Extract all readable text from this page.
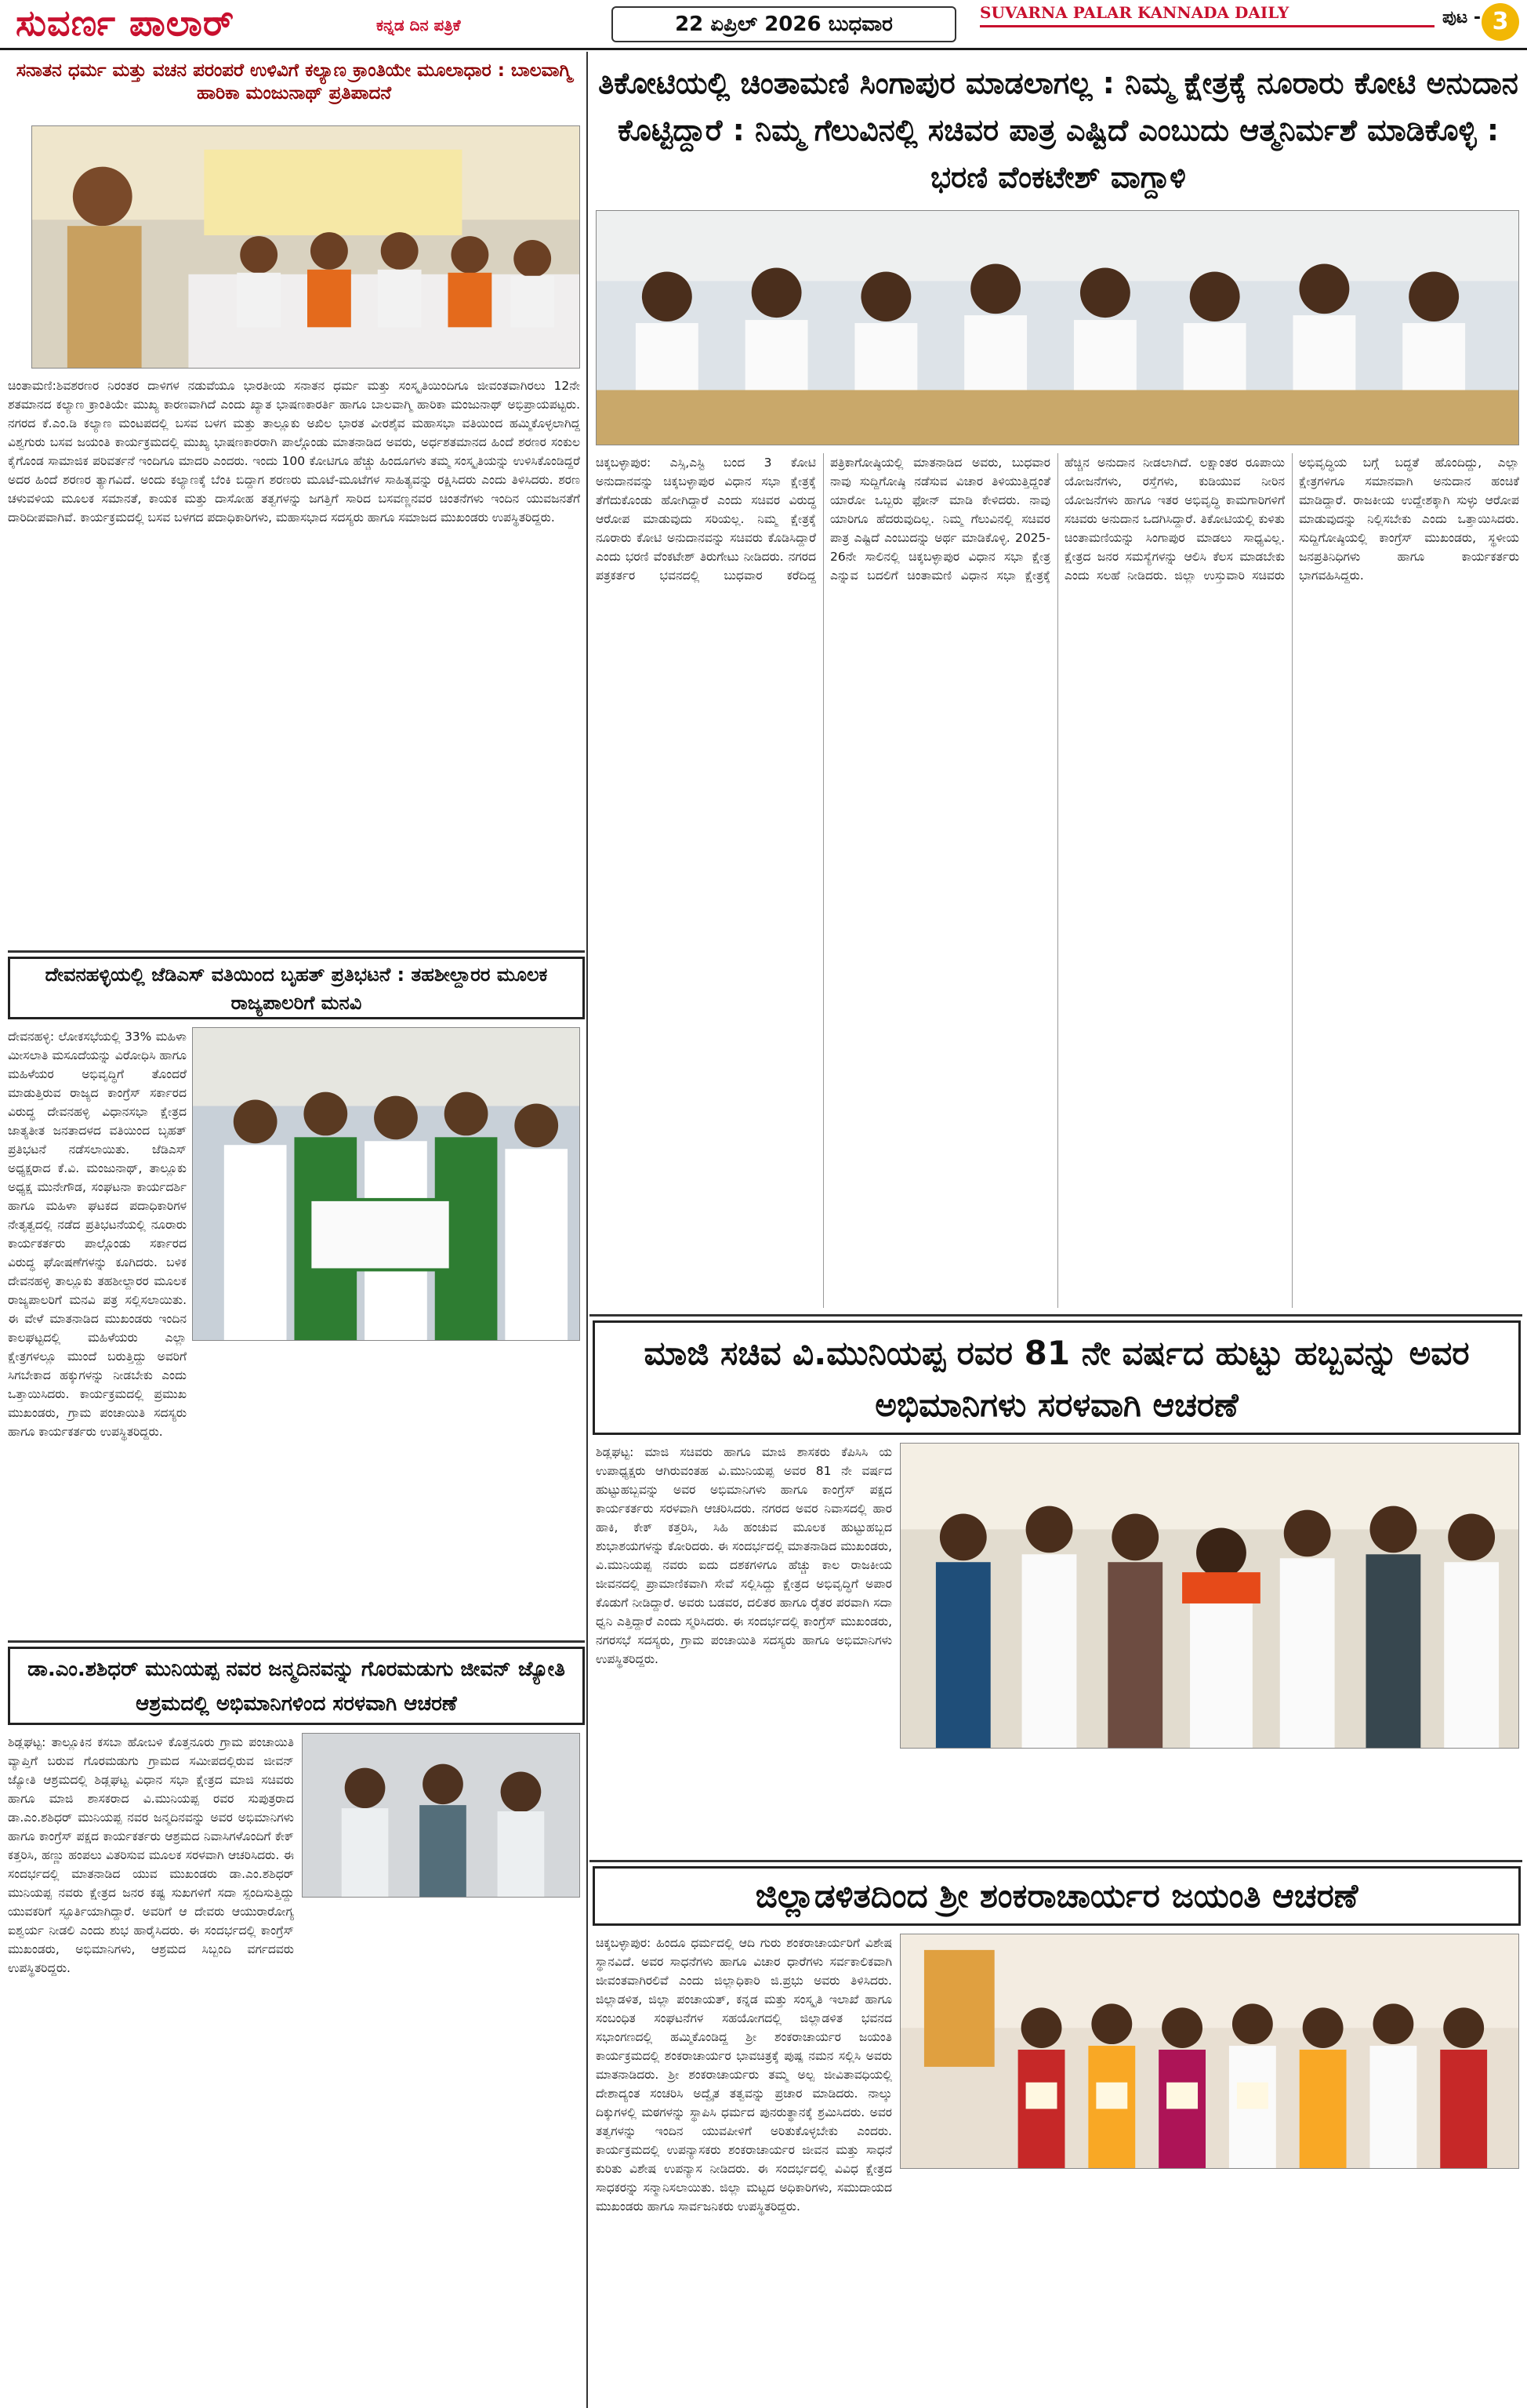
ಸುವರ್ಣ ಪಾಲಾರ್	ಕನ್ನಡ ದಿನ ಪತ್ರಿಕೆ	22 ಏಪ್ರಿಲ್ 2026 ಬುಧವಾರ	SUVARNA PALAR KANNADA DAILY	ಪುಟ - 3
ಸನಾತನ ಧರ್ಮ ಮತ್ತು ವಚನ ಪರಂಪರೆ ಉಳಿವಿಗೆ ಕಲ್ಯಾಣ ಕ್ರಾಂತಿಯೇ ಮೂಲಾಧಾರ : ಬಾಲವಾಗ್ಮಿ ಹಾರಿಕಾ ಮಂಜುನಾಥ್ ಪ್ರತಿಪಾದನೆ
ಚಿಂತಾಮಣಿ:ಶಿವಶರಣರ ನಿರಂತರ ದಾಳಿಗಳ ನಡುವೆಯೂ ಭಾರತೀಯ ಸನಾತನ ಧರ್ಮ ಮತ್ತು ಸಂಸ್ಕೃತಿಯಿಂದಿಗೂ ಜೀವಂತವಾಗಿರಲು 12ನೇ ಶತಮಾನದ ಕಲ್ಯಾಣ ಕ್ರಾಂತಿಯೇ ಮುಖ್ಯ ಕಾರಣವಾಗಿದೆ ಎಂದು ಖ್ಯಾತ ಭಾಷಣಕಾರರ್ತಿ ಹಾಗೂ ಬಾಲವಾಗ್ಮಿ ಹಾರಿಕಾ ಮಂಜುನಾಥ್ ಅಭಿಪ್ರಾಯಪಟ್ಟರು. ನಗರದ ಕೆ.ಎಂ.ಡಿ ಕಲ್ಯಾಣ ಮಂಟಪದಲ್ಲಿ ಬಸವ ಬಳಗ ಮತ್ತು ತಾಲ್ಲೂಕು ಅಖಿಲ ಭಾರತ ವೀರಶೈವ ಮಹಾಸಭಾ ವತಿಯಿಂದ ಹಮ್ಮಿಕೊಳ್ಳಲಾಗಿದ್ದ ವಿಶ್ವಗುರು ಬಸವ ಜಯಂತಿ ಕಾರ್ಯಕ್ರಮದಲ್ಲಿ ಮುಖ್ಯ ಭಾಷಣಕಾರರಾಗಿ ಪಾಲ್ಗೊಂಡು ಮಾತನಾಡಿದ ಅವರು, ಅರ್ಧಶತಮಾನದ ಹಿಂದೆ ಶರಣರ ಸಂಕುಲ ಕೈಗೊಂಡ ಸಾಮಾಜಿಕ ಪರಿವರ್ತನೆ ಇಂದಿಗೂ ಮಾದರಿ ಎಂದರು. ಇಂದು 100 ಕೋಟಿಗೂ ಹೆಚ್ಚು ಹಿಂದೂಗಳು ತಮ್ಮ ಸಂಸ್ಕೃತಿಯನ್ನು ಉಳಿಸಿಕೊಂಡಿದ್ದರೆ ಅದರ ಹಿಂದೆ ಶರಣರ ತ್ಯಾಗವಿದೆ. ಅಂದು ಕಲ್ಯಾಣಕ್ಕೆ ಬೆಂಕಿ ಬಿದ್ದಾಗ ಶರಣರು ಮೂಟೆ-ಮೂಟೆಗಳ ಸಾಹಿತ್ಯವನ್ನು ರಕ್ಷಿಸಿದರು ಎಂದು ತಿಳಿಸಿದರು. ಶರಣ ಚಳುವಳಿಯ ಮೂಲಕ ಸಮಾನತೆ, ಕಾಯಕ ಮತ್ತು ದಾಸೋಹ ತತ್ವಗಳನ್ನು ಜಗತ್ತಿಗೆ ಸಾರಿದ ಬಸವಣ್ಣನವರ ಚಿಂತನೆಗಳು ಇಂದಿನ ಯುವಜನತೆಗೆ ದಾರಿದೀಪವಾಗಿವೆ. ಕಾರ್ಯಕ್ರಮದಲ್ಲಿ ಬಸವ ಬಳಗದ ಪದಾಧಿಕಾರಿಗಳು, ಮಹಾಸಭಾದ ಸದಸ್ಯರು ಹಾಗೂ ಸಮಾಜದ ಮುಖಂಡರು ಉಪಸ್ಥಿತರಿದ್ದರು.
ದೇವನಹಳ್ಳಿಯಲ್ಲಿ ಜೆಡಿಎಸ್ ವತಿಯಿಂದ ಬೃಹತ್ ಪ್ರತಿಭಟನೆ : ತಹಶೀಲ್ದಾರರ ಮೂಲಕ ರಾಜ್ಯಪಾಲರಿಗೆ ಮನವಿ
ದೇವನಹಳ್ಳಿ: ಲೋಕಸಭೆಯಲ್ಲಿ 33% ಮಹಿಳಾ ಮೀಸಲಾತಿ ಮಸೂದೆಯನ್ನು ವಿರೋಧಿಸಿ ಹಾಗೂ ಮಹಿಳೆಯರ ಅಭಿವೃದ್ಧಿಗೆ ತೊಂದರೆ ಮಾಡುತ್ತಿರುವ ರಾಜ್ಯದ ಕಾಂಗ್ರೆಸ್ ಸರ್ಕಾರದ ವಿರುದ್ಧ ದೇವನಹಳ್ಳಿ ವಿಧಾನಸಭಾ ಕ್ಷೇತ್ರದ ಜಾತ್ಯತೀತ ಜನತಾದಳದ ವತಿಯಿಂದ ಬೃಹತ್ ಪ್ರತಿಭಟನೆ ನಡೆಸಲಾಯಿತು. ಜೆಡಿಎಸ್ ಅಧ್ಯಕ್ಷರಾದ ಕೆ.ವಿ. ಮಂಜುನಾಥ್, ತಾಲ್ಲೂಕು ಅಧ್ಯಕ್ಷ ಮುನೇಗೌಡ, ಸಂಘಟನಾ ಕಾರ್ಯದರ್ಶಿ ಹಾಗೂ ಮಹಿಳಾ ಘಟಕದ ಪದಾಧಿಕಾರಿಗಳ ನೇತೃತ್ವದಲ್ಲಿ ನಡೆದ ಪ್ರತಿಭಟನೆಯಲ್ಲಿ ನೂರಾರು ಕಾರ್ಯಕರ್ತರು ಪಾಲ್ಗೊಂಡು ಸರ್ಕಾರದ ವಿರುದ್ಧ ಘೋಷಣೆಗಳನ್ನು ಕೂಗಿದರು. ಬಳಿಕ ದೇವನಹಳ್ಳಿ ತಾಲ್ಲೂಕು ತಹಶೀಲ್ದಾರರ ಮೂಲಕ ರಾಜ್ಯಪಾಲರಿಗೆ ಮನವಿ ಪತ್ರ ಸಲ್ಲಿಸಲಾಯಿತು. ಈ ವೇಳೆ ಮಾತನಾಡಿದ ಮುಖಂಡರು ಇಂದಿನ ಕಾಲಘಟ್ಟದಲ್ಲಿ ಮಹಿಳೆಯರು ಎಲ್ಲಾ ಕ್ಷೇತ್ರಗಳಲ್ಲೂ ಮುಂದೆ ಬರುತ್ತಿದ್ದು ಅವರಿಗೆ ಸಿಗಬೇಕಾದ ಹಕ್ಕುಗಳನ್ನು ನೀಡಬೇಕು ಎಂದು ಒತ್ತಾಯಿಸಿದರು. ಕಾರ್ಯಕ್ರಮದಲ್ಲಿ ಪ್ರಮುಖ ಮುಖಂಡರು, ಗ್ರಾಮ ಪಂಚಾಯಿತಿ ಸದಸ್ಯರು ಹಾಗೂ ಕಾರ್ಯಕರ್ತರು ಉಪಸ್ಥಿತರಿದ್ದರು.
ಡಾ.ಎಂ.ಶಶಿಧರ್ ಮುನಿಯಪ್ಪ ನವರ ಜನ್ಮದಿನವನ್ನು ಗೊರಮಡುಗು ಜೀವನ್ ಜ್ಯೋತಿ ಆಶ್ರಮದಲ್ಲಿ ಅಭಿಮಾನಿಗಳಿಂದ ಸರಳವಾಗಿ ಆಚರಣೆ
ಶಿಡ್ಲಘಟ್ಟ: ತಾಲ್ಲೂಕಿನ ಕಸಬಾ ಹೋಬಳಿ ಕೊತ್ತನೂರು ಗ್ರಾಮ ಪಂಚಾಯಿತಿ ವ್ಯಾಪ್ತಿಗೆ ಬರುವ ಗೊರಮಡುಗು ಗ್ರಾಮದ ಸಮೀಪದಲ್ಲಿರುವ ಜೀವನ್ ಜ್ಯೋತಿ ಆಶ್ರಮದಲ್ಲಿ ಶಿಡ್ಲಘಟ್ಟ ವಿಧಾನ ಸಭಾ ಕ್ಷೇತ್ರದ ಮಾಜಿ ಸಚಿವರು ಹಾಗೂ ಮಾಜಿ ಶಾಸಕರಾದ ವಿ.ಮುನಿಯಪ್ಪ ರವರ ಸುಪುತ್ರರಾದ ಡಾ.ಎಂ.ಶಶಿಧರ್ ಮುನಿಯಪ್ಪ ನವರ ಜನ್ಮದಿನವನ್ನು ಅವರ ಅಭಿಮಾನಿಗಳು ಹಾಗೂ ಕಾಂಗ್ರೆಸ್ ಪಕ್ಷದ ಕಾರ್ಯಕರ್ತರು ಆಶ್ರಮದ ನಿವಾಸಿಗಳೊಂದಿಗೆ ಕೇಕ್ ಕತ್ತರಿಸಿ, ಹಣ್ಣು ಹಂಪಲು ವಿತರಿಸುವ ಮೂಲಕ ಸರಳವಾಗಿ ಆಚರಿಸಿದರು. ಈ ಸಂದರ್ಭದಲ್ಲಿ ಮಾತನಾಡಿದ ಯುವ ಮುಖಂಡರು ಡಾ.ಎಂ.ಶಶಿಧರ್ ಮುನಿಯಪ್ಪ ನವರು ಕ್ಷೇತ್ರದ ಜನರ ಕಷ್ಟ ಸುಖಗಳಿಗೆ ಸದಾ ಸ್ಪಂದಿಸುತ್ತಿದ್ದು ಯುವಕರಿಗೆ ಸ್ಫೂರ್ತಿಯಾಗಿದ್ದಾರೆ. ಅವರಿಗೆ ಆ ದೇವರು ಆಯುರಾರೋಗ್ಯ ಐಶ್ವರ್ಯ ನೀಡಲಿ ಎಂದು ಶುಭ ಹಾರೈಸಿದರು. ಈ ಸಂದರ್ಭದಲ್ಲಿ ಕಾಂಗ್ರೆಸ್ ಮುಖಂಡರು, ಅಭಿಮಾನಿಗಳು, ಆಶ್ರಮದ ಸಿಬ್ಬಂದಿ ವರ್ಗದವರು ಉಪಸ್ಥಿತರಿದ್ದರು.
ತಿಕೋಟಿಯಲ್ಲಿ ಚಿಂತಾಮಣಿ ಸಿಂಗಾಪುರ ಮಾಡಲಾಗಲ್ಲ : ನಿಮ್ಮ ಕ್ಷೇತ್ರಕ್ಕೆ ನೂರಾರು ಕೋಟಿ ಅನುದಾನ ಕೊಟ್ಟಿದ್ದಾರೆ : ನಿಮ್ಮ ಗೆಲುವಿನಲ್ಲಿ ಸಚಿವರ ಪಾತ್ರ ಎಷ್ಟಿದೆ ಎಂಬುದು ಆತ್ಮನಿರ್ಮಶೆ ಮಾಡಿಕೊಳ್ಳಿ : ಭರಣಿ ವೆಂಕಟೇಶ್ ವಾಗ್ದಾಳಿ
ಚಿಕ್ಕಬಳ್ಳಾಪುರ: ಎಸ್ಸಿ,ಎಸ್ಟಿ ಬಂದ 3 ಕೋಟಿ ಅನುದಾನವನ್ನು ಚಿಕ್ಕಬಳ್ಳಾಪುರ ವಿಧಾನ ಸಭಾ ಕ್ಷೇತ್ರಕ್ಕೆ ತೆಗೆದುಕೊಂಡು ಹೋಗಿದ್ದಾರೆ ಎಂದು ಸಚಿವರ ವಿರುದ್ಧ ಆರೋಪ ಮಾಡುವುದು ಸರಿಯಲ್ಲ. ನಿಮ್ಮ ಕ್ಷೇತ್ರಕ್ಕೆ ನೂರಾರು ಕೋಟಿ ಅನುದಾನವನ್ನು ಸಚಿವರು ಕೊಡಿಸಿದ್ದಾರೆ ಎಂದು ಭರಣಿ ವೆಂಕಟೇಶ್ ತಿರುಗೇಟು ನೀಡಿದರು. ನಗರದ ಪತ್ರಕರ್ತರ ಭವನದಲ್ಲಿ ಬುಧವಾರ ಕರೆದಿದ್ದ ಪತ್ರಿಕಾಗೋಷ್ಠಿಯಲ್ಲಿ ಮಾತನಾಡಿದ ಅವರು, ಬುಧವಾರ ನಾವು ಸುದ್ದಿಗೋಷ್ಠಿ ನಡೆಸುವ ವಿಚಾರ ತಿಳಿಯುತ್ತಿದ್ದಂತೆ ಯಾರೋ ಒಬ್ಬರು ಫೋನ್ ಮಾಡಿ ಕೇಳಿದರು. ನಾವು ಯಾರಿಗೂ ಹೆದರುವುದಿಲ್ಲ. ನಿಮ್ಮ ಗೆಲುವಿನಲ್ಲಿ ಸಚಿವರ ಪಾತ್ರ ಎಷ್ಟಿದೆ ಎಂಬುದನ್ನು ಅರ್ಥ ಮಾಡಿಕೊಳ್ಳಿ. 2025-26ನೇ ಸಾಲಿನಲ್ಲಿ ಚಿಕ್ಕಬಳ್ಳಾಪುರ ವಿಧಾನ ಸಭಾ ಕ್ಷೇತ್ರ ಎನ್ನುವ ಬದಲಿಗೆ ಚಿಂತಾಮಣಿ ವಿಧಾನ ಸಭಾ ಕ್ಷೇತ್ರಕ್ಕೆ ಹೆಚ್ಚಿನ ಅನುದಾನ ನೀಡಲಾಗಿದೆ. ಲಕ್ಷಾಂತರ ರೂಪಾಯಿ ಯೋಜನೆಗಳು, ರಸ್ತೆಗಳು, ಕುಡಿಯುವ ನೀರಿನ ಯೋಜನೆಗಳು ಹಾಗೂ ಇತರ ಅಭಿವೃದ್ಧಿ ಕಾಮಗಾರಿಗಳಿಗೆ ಸಚಿವರು ಅನುದಾನ ಒದಗಿಸಿದ್ದಾರೆ. ತಿಕೋಟಿಯಲ್ಲಿ ಕುಳಿತು ಚಿಂತಾಮಣಿಯನ್ನು ಸಿಂಗಾಪುರ ಮಾಡಲು ಸಾಧ್ಯವಿಲ್ಲ. ಕ್ಷೇತ್ರದ ಜನರ ಸಮಸ್ಯೆಗಳನ್ನು ಆಲಿಸಿ ಕೆಲಸ ಮಾಡಬೇಕು ಎಂದು ಸಲಹೆ ನೀಡಿದರು. ಜಿಲ್ಲಾ ಉಸ್ತುವಾರಿ ಸಚಿವರು ಅಭಿವೃದ್ಧಿಯ ಬಗ್ಗೆ ಬದ್ಧತೆ ಹೊಂದಿದ್ದು, ಎಲ್ಲಾ ಕ್ಷೇತ್ರಗಳಿಗೂ ಸಮಾನವಾಗಿ ಅನುದಾನ ಹಂಚಿಕೆ ಮಾಡಿದ್ದಾರೆ. ರಾಜಕೀಯ ಉದ್ದೇಶಕ್ಕಾಗಿ ಸುಳ್ಳು ಆರೋಪ ಮಾಡುವುದನ್ನು ನಿಲ್ಲಿಸಬೇಕು ಎಂದು ಒತ್ತಾಯಿಸಿದರು. ಸುದ್ದಿಗೋಷ್ಠಿಯಲ್ಲಿ ಕಾಂಗ್ರೆಸ್ ಮುಖಂಡರು, ಸ್ಥಳೀಯ ಜನಪ್ರತಿನಿಧಿಗಳು ಹಾಗೂ ಕಾರ್ಯಕರ್ತರು ಭಾಗವಹಿಸಿದ್ದರು.
ಮಾಜಿ ಸಚಿವ ವಿ.ಮುನಿಯಪ್ಪ ರವರ 81 ನೇ ವರ್ಷದ ಹುಟ್ಟು ಹಬ್ಬವನ್ನು ಅವರ ಅಭಿಮಾನಿಗಳು ಸರಳವಾಗಿ ಆಚರಣೆ
ಶಿಡ್ಲಘಟ್ಟ: ಮಾಜಿ ಸಚಿವರು ಹಾಗೂ ಮಾಜಿ ಶಾಸಕರು ಕೆಪಿಸಿಸಿ ಯ ಉಪಾಧ್ಯಕ್ಷರು ಆಗಿರುವಂತಹ ವಿ.ಮುನಿಯಪ್ಪ ಅವರ 81 ನೇ ವರ್ಷದ ಹುಟ್ಟುಹಬ್ಬವನ್ನು ಅವರ ಅಭಿಮಾನಿಗಳು ಹಾಗೂ ಕಾಂಗ್ರೆಸ್ ಪಕ್ಷದ ಕಾರ್ಯಕರ್ತರು ಸರಳವಾಗಿ ಆಚರಿಸಿದರು. ನಗರದ ಅವರ ನಿವಾಸದಲ್ಲಿ ಹಾರ ಹಾಕಿ, ಕೇಕ್ ಕತ್ತರಿಸಿ, ಸಿಹಿ ಹಂಚುವ ಮೂಲಕ ಹುಟ್ಟುಹಬ್ಬದ ಶುಭಾಶಯಗಳನ್ನು ಕೋರಿದರು. ಈ ಸಂದರ್ಭದಲ್ಲಿ ಮಾತನಾಡಿದ ಮುಖಂಡರು, ವಿ.ಮುನಿಯಪ್ಪ ನವರು ಐದು ದಶಕಗಳಿಗೂ ಹೆಚ್ಚು ಕಾಲ ರಾಜಕೀಯ ಜೀವನದಲ್ಲಿ ಪ್ರಾಮಾಣಿಕವಾಗಿ ಸೇವೆ ಸಲ್ಲಿಸಿದ್ದು ಕ್ಷೇತ್ರದ ಅಭಿವೃದ್ಧಿಗೆ ಅಪಾರ ಕೊಡುಗೆ ನೀಡಿದ್ದಾರೆ. ಅವರು ಬಡವರ, ದಲಿತರ ಹಾಗೂ ರೈತರ ಪರವಾಗಿ ಸದಾ ಧ್ವನಿ ಎತ್ತಿದ್ದಾರೆ ಎಂದು ಸ್ಮರಿಸಿದರು. ಈ ಸಂದರ್ಭದಲ್ಲಿ ಕಾಂಗ್ರೆಸ್ ಮುಖಂಡರು, ನಗರಸಭೆ ಸದಸ್ಯರು, ಗ್ರಾಮ ಪಂಚಾಯಿತಿ ಸದಸ್ಯರು ಹಾಗೂ ಅಭಿಮಾನಿಗಳು ಉಪಸ್ಥಿತರಿದ್ದರು.
ಜಿಲ್ಲಾಡಳಿತದಿಂದ ಶ್ರೀ ಶಂಕರಾಚಾರ್ಯರ ಜಯಂತಿ ಆಚರಣೆ
ಚಿಕ್ಕಬಳ್ಳಾಪುರ: ಹಿಂದೂ ಧರ್ಮದಲ್ಲಿ ಆದಿ ಗುರು ಶಂಕರಾಚಾರ್ಯರಿಗೆ ವಿಶೇಷ ಸ್ಥಾನವಿದೆ. ಅವರ ಸಾಧನೆಗಳು ಹಾಗೂ ವಿಚಾರ ಧಾರೆಗಳು ಸರ್ವಕಾಲಿಕವಾಗಿ ಜೀವಂತವಾಗಿರಲಿವೆ ಎಂದು ಜಿಲ್ಲಾಧಿಕಾರಿ ಜಿ.ಪ್ರಭು ಅವರು ತಿಳಿಸಿದರು. ಜಿಲ್ಲಾಡಳಿತ, ಜಿಲ್ಲಾ ಪಂಚಾಯತ್, ಕನ್ನಡ ಮತ್ತು ಸಂಸ್ಕೃತಿ ಇಲಾಖೆ ಹಾಗೂ ಸಂಬಂಧಿತ ಸಂಘಟನೆಗಳ ಸಹಯೋಗದಲ್ಲಿ ಜಿಲ್ಲಾಡಳಿತ ಭವನದ ಸಭಾಂಗಣದಲ್ಲಿ ಹಮ್ಮಿಕೊಂಡಿದ್ದ ಶ್ರೀ ಶಂಕರಾಚಾರ್ಯರ ಜಯಂತಿ ಕಾರ್ಯಕ್ರಮದಲ್ಲಿ ಶಂಕರಾಚಾರ್ಯರ ಭಾವಚಿತ್ರಕ್ಕೆ ಪುಷ್ಪ ನಮನ ಸಲ್ಲಿಸಿ ಅವರು ಮಾತನಾಡಿದರು. ಶ್ರೀ ಶಂಕರಾಚಾರ್ಯರು ತಮ್ಮ ಅಲ್ಪ ಜೀವಿತಾವಧಿಯಲ್ಲಿ ದೇಶಾದ್ಯಂತ ಸಂಚರಿಸಿ ಅದ್ವೈತ ತತ್ವವನ್ನು ಪ್ರಚಾರ ಮಾಡಿದರು. ನಾಲ್ಕು ದಿಕ್ಕುಗಳಲ್ಲಿ ಮಠಗಳನ್ನು ಸ್ಥಾಪಿಸಿ ಧರ್ಮದ ಪುನರುತ್ಥಾನಕ್ಕೆ ಶ್ರಮಿಸಿದರು. ಅವರ ತತ್ವಗಳನ್ನು ಇಂದಿನ ಯುವಪೀಳಿಗೆ ಅರಿತುಕೊಳ್ಳಬೇಕು ಎಂದರು. ಕಾರ್ಯಕ್ರಮದಲ್ಲಿ ಉಪನ್ಯಾಸಕರು ಶಂಕರಾಚಾರ್ಯರ ಜೀವನ ಮತ್ತು ಸಾಧನೆ ಕುರಿತು ವಿಶೇಷ ಉಪನ್ಯಾಸ ನೀಡಿದರು. ಈ ಸಂದರ್ಭದಲ್ಲಿ ವಿವಿಧ ಕ್ಷೇತ್ರದ ಸಾಧಕರನ್ನು ಸನ್ಮಾನಿಸಲಾಯಿತು. ಜಿಲ್ಲಾ ಮಟ್ಟದ ಅಧಿಕಾರಿಗಳು, ಸಮುದಾಯದ ಮುಖಂಡರು ಹಾಗೂ ಸಾರ್ವಜನಿಕರು ಉಪಸ್ಥಿತರಿದ್ದರು.
